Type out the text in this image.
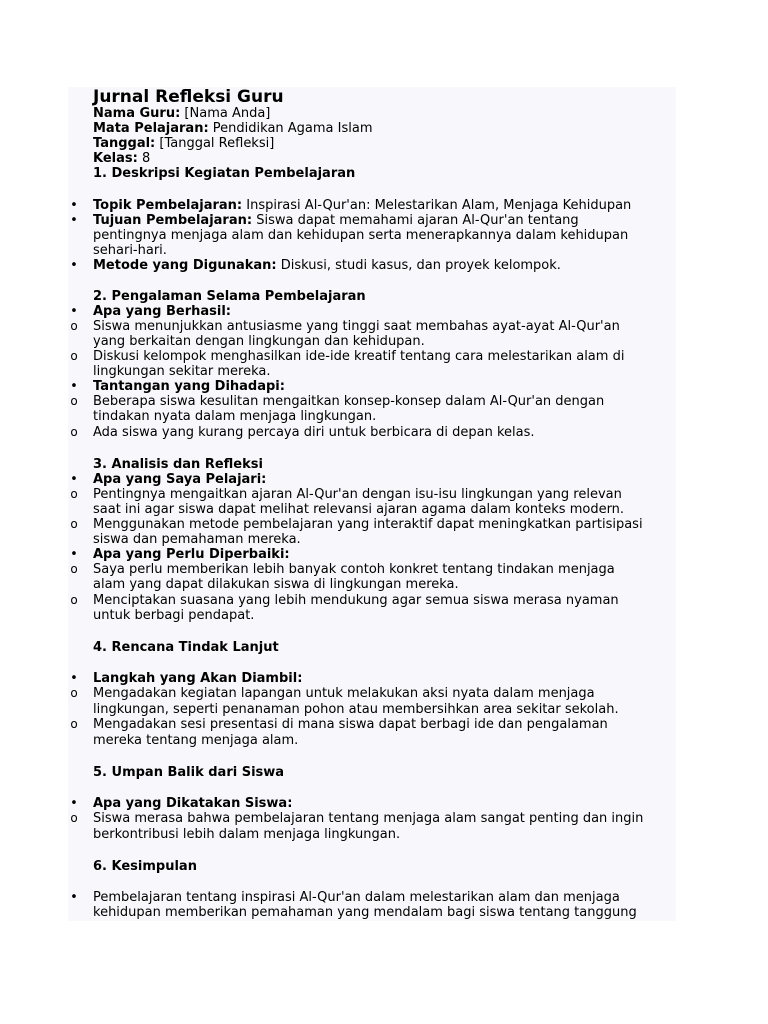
Jurnal Refleksi Guru
Nama Guru: [Nama Anda]
Mata Pelajaran: Pendidikan Agama Islam
Tanggal: [Tanggal Refleksi]
Kelas: 8
1. Deskripsi Kegiatan Pembelajaran
• Topik Pembelajaran: Inspirasi Al-Qur'an: Melestarikan Alam, Menjaga Kehidupan
• Tujuan Pembelajaran: Siswa dapat memahami ajaran Al-Qur'an tentang
pentingnya menjaga alam dan kehidupan serta menerapkannya dalam kehidupan
sehari-hari.
• Metode yang Digunakan: Diskusi, studi kasus, dan proyek kelompok.
2. Pengalaman Selama Pembelajaran
• Apa yang Berhasil:
o Siswa menunjukkan antusiasme yang tinggi saat membahas ayat-ayat Al-Qur'an
yang berkaitan dengan lingkungan dan kehidupan.
o Diskusi kelompok menghasilkan ide-ide kreatif tentang cara melestarikan alam di
lingkungan sekitar mereka.
• Tantangan yang Dihadapi:
o Beberapa siswa kesulitan mengaitkan konsep-konsep dalam Al-Qur'an dengan
tindakan nyata dalam menjaga lingkungan.
o Ada siswa yang kurang percaya diri untuk berbicara di depan kelas.
3. Analisis dan Refleksi
• Apa yang Saya Pelajari:
o Pentingnya mengaitkan ajaran Al-Qur'an dengan isu-isu lingkungan yang relevan
saat ini agar siswa dapat melihat relevansi ajaran agama dalam konteks modern.
o Menggunakan metode pembelajaran yang interaktif dapat meningkatkan partisipasi
siswa dan pemahaman mereka.
• Apa yang Perlu Diperbaiki:
o Saya perlu memberikan lebih banyak contoh konkret tentang tindakan menjaga
alam yang dapat dilakukan siswa di lingkungan mereka.
o Menciptakan suasana yang lebih mendukung agar semua siswa merasa nyaman
untuk berbagi pendapat.
4. Rencana Tindak Lanjut
• Langkah yang Akan Diambil:
o Mengadakan kegiatan lapangan untuk melakukan aksi nyata dalam menjaga
lingkungan, seperti penanaman pohon atau membersihkan area sekitar sekolah.
o Mengadakan sesi presentasi di mana siswa dapat berbagi ide dan pengalaman
mereka tentang menjaga alam.
5. Umpan Balik dari Siswa
• Apa yang Dikatakan Siswa:
o Siswa merasa bahwa pembelajaran tentang menjaga alam sangat penting dan ingin
berkontribusi lebih dalam menjaga lingkungan.
6. Kesimpulan
• Pembelajaran tentang inspirasi Al-Qur'an dalam melestarikan alam dan menjaga
kehidupan memberikan pemahaman yang mendalam bagi siswa tentang tanggung
